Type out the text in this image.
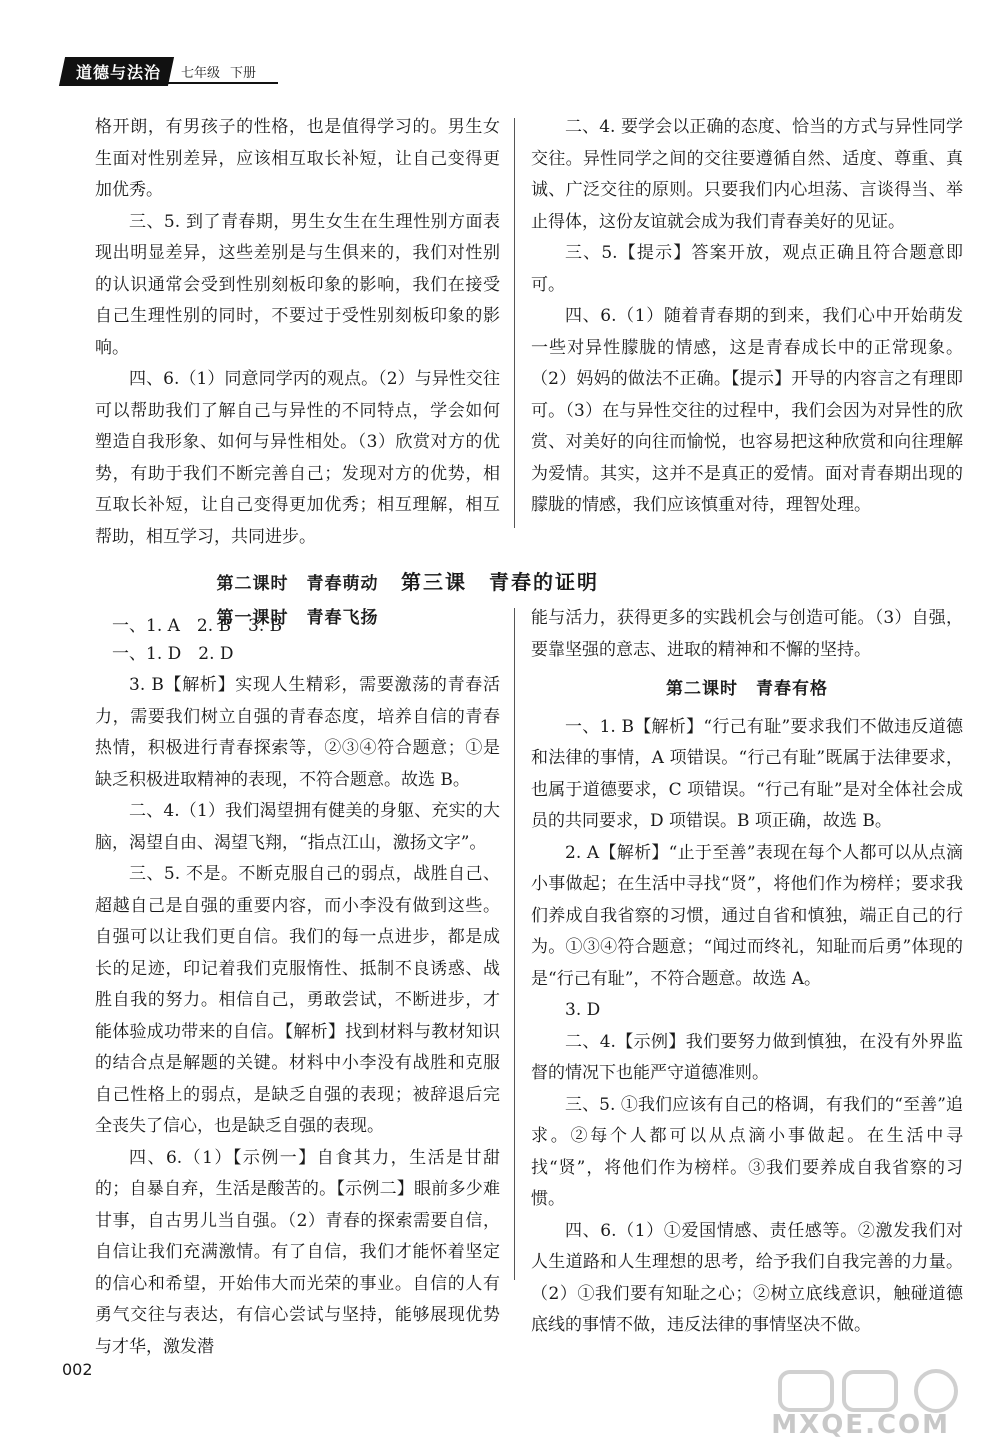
道德与法治	七年级 下册

格开朗，有男孩子的性格，也是值得学习的。男生女生面对性别差异，应该相互取长补短，让自己变得更加优秀。

三、5. 到了青春期，男生女生在生理性别方面表现出明显差异，这些差别是与生俱来的，我们对性别的认识通常会受到性别刻板印象的影响，我们在接受自己生理性别的同时，不要过于受性别刻板印象的影响。

四、6.（1）同意同学丙的观点。（2）与异性交往可以帮助我们了解自己与异性的不同特点，学会如何塑造自我形象、如何与异性相处。（3）欣赏对方的优势，有助于我们不断完善自己；发现对方的优势，相互取长补短，让自己变得更加优秀；相互理解，相互帮助，相互学习，共同进步。

第二课时　青春萌动

一、1. A　2. B　3. B

二、4. 要学会以正确的态度、恰当的方式与异性同学交往。异性同学之间的交往要遵循自然、适度、尊重、真诚、广泛交往的原则。只要我们内心坦荡、言谈得当、举止得体，这份友谊就会成为我们青春美好的见证。

三、5.【提示】答案开放，观点正确且符合题意即可。

四、6.（1）随着青春期的到来，我们心中开始萌发一些对异性朦胧的情感，这是青春成长中的正常现象。（2）妈妈的做法不正确。【提示】开导的内容言之有理即可。（3）在与异性交往的过程中，我们会因为对异性的欣赏、对美好的向往而愉悦，也容易把这种欣赏和向往理解为爱情。其实，这并不是真正的爱情。面对青春期出现的朦胧的情感，我们应该慎重对待，理智处理。

第三课　青春的证明
第一课时　青春飞扬

一、1. D　2. D

3. B【解析】实现人生精彩，需要激荡的青春活力，需要我们树立自强的青春态度，培养自信的青春热情，积极进行青春探索等，②③④符合题意；①是缺乏积极进取精神的表现，不符合题意。故选 B。

二、4.（1）我们渴望拥有健美的身躯、充实的大脑，渴望自由、渴望飞翔，“指点江山，激扬文字”。

三、5. 不是。不断克服自己的弱点，战胜自己、超越自己是自强的重要内容，而小李没有做到这些。自强可以让我们更自信。我们的每一点进步，都是成长的足迹，印记着我们克服惰性、抵制不良诱惑、战胜自我的努力。相信自己，勇敢尝试，不断进步，才能体验成功带来的自信。【解析】找到材料与教材知识的结合点是解题的关键。材料中小李没有战胜和克服自己性格上的弱点，是缺乏自强的表现；被辞退后完全丧失了信心，也是缺乏自强的表现。

四、6.（1）【示例一】自食其力，生活是甘甜的；自暴自弃，生活是酸苦的。【示例二】眼前多少难甘事，自古男儿当自强。（2）青春的探索需要自信，自信让我们充满激情。有了自信，我们才能怀着坚定的信心和希望，开始伟大而光荣的事业。自信的人有勇气交往与表达，有信心尝试与坚持，能够展现优势与才华，激发潜

能与活力，获得更多的实践机会与创造可能。（3）自强，要靠坚强的意志、进取的精神和不懈的坚持。

第二课时　青春有格

一、1. B【解析】“行己有耻”要求我们不做违反道德和法律的事情，A 项错误。“行己有耻”既属于法律要求，也属于道德要求，C 项错误。“行己有耻”是对全体社会成员的共同要求，D 项错误。B 项正确，故选 B。

2. A【解析】“止于至善”表现在每个人都可以从点滴小事做起；在生活中寻找“贤”，将他们作为榜样；要求我们养成自我省察的习惯，通过自省和慎独，端正自己的行为。①③④符合题意；“闻过而终礼，知耻而后勇”体现的是“行己有耻”，不符合题意。故选 A。

3. D

二、4.【示例】我们要努力做到慎独，在没有外界监督的情况下也能严守道德准则。

三、5. ①我们应该有自己的格调，有我们的“至善”追求。②每个人都可以从点滴小事做起。在生活中寻找“贤”，将他们作为榜样。③我们要养成自我省察的习惯。

四、6.（1）①爱国情感、责任感等。②激发我们对人生道路和人生理想的思考，给予我们自我完善的力量。（2）①我们要有知耻之心；②树立底线意识，触碰道德底线的事情不做，违反法律的事情坚决不做。

002
MXQE.COM
